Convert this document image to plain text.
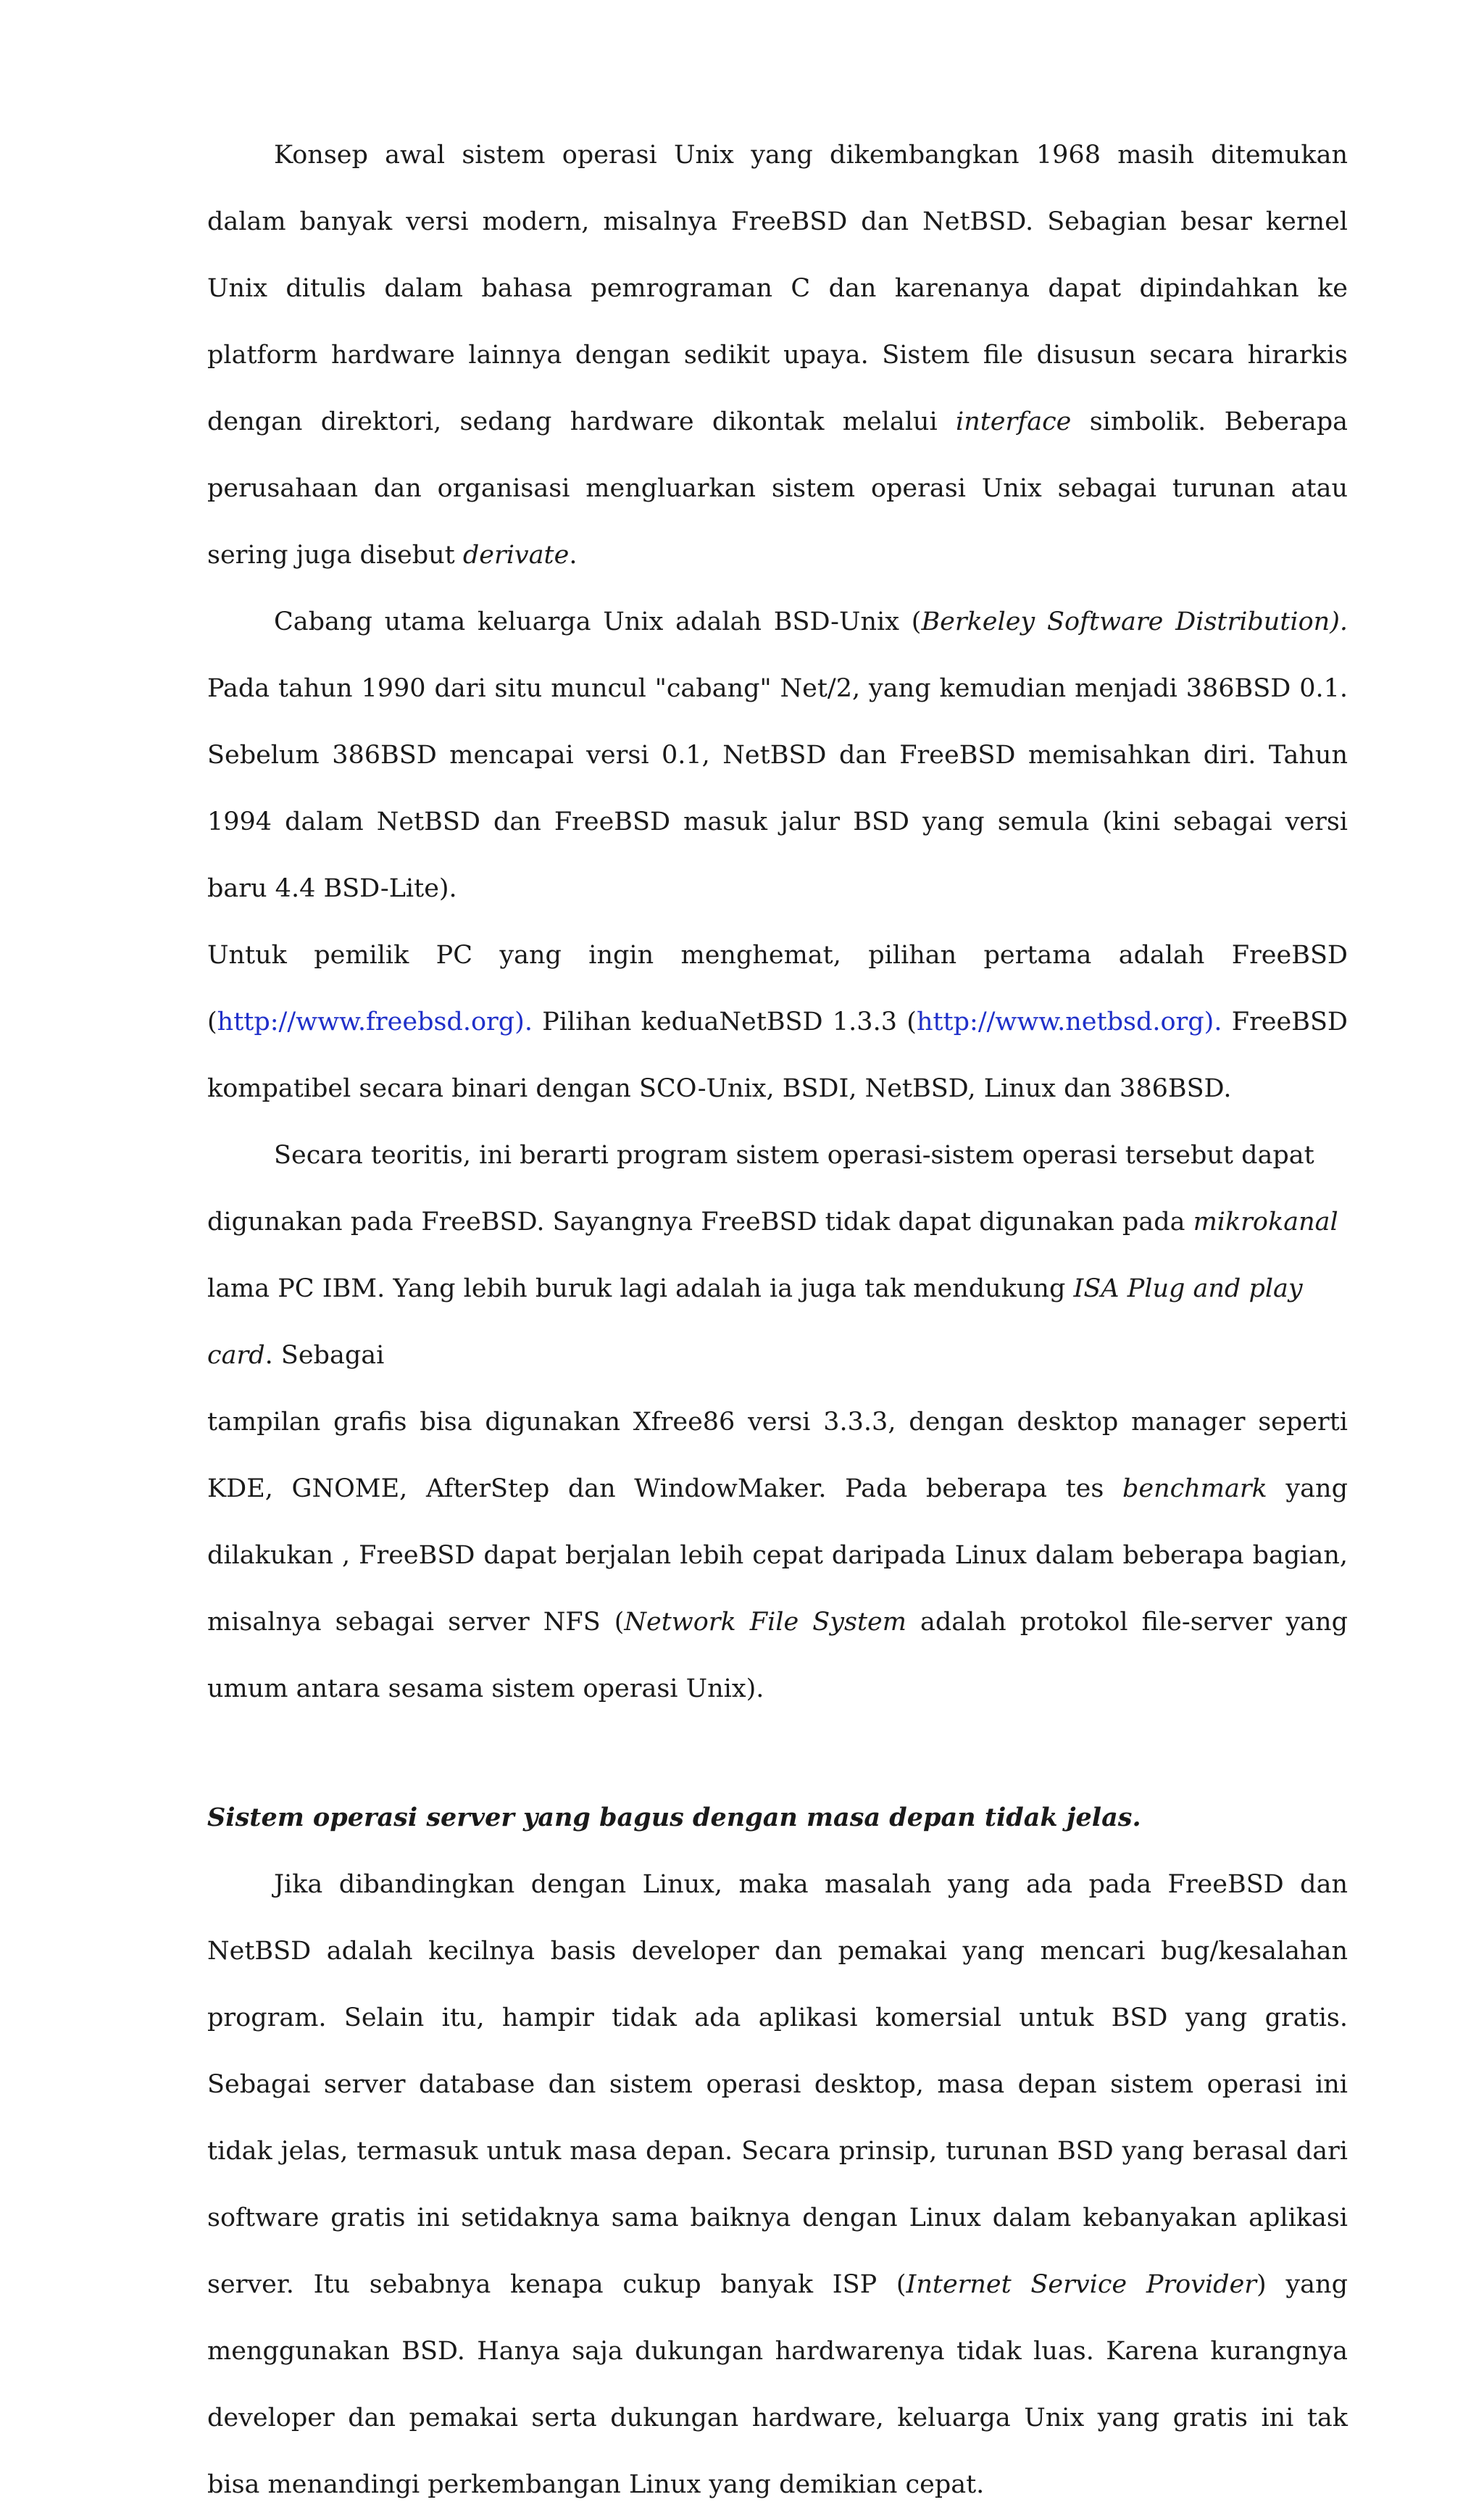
Konsep awal sistem operasi Unix yang dikembangkan 1968 masih ditemukan dalam banyak versi modern, misalnya FreeBSD dan NetBSD. Sebagian besar kernel Unix ditulis dalam bahasa pemrograman C dan karenanya dapat dipindahkan ke platform hardware lainnya dengan sedikit upaya. Sistem file disusun secara hirarkis dengan direktori, sedang hardware dikontak melalui interface simbolik. Beberapa perusahaan dan organisasi mengluarkan sistem operasi Unix sebagai turunan atau sering juga disebut derivate.

Cabang utama keluarga Unix adalah BSD-Unix (Berkeley Software Distribution). Pada tahun 1990 dari situ muncul "cabang" Net/2, yang kemudian menjadi 386BSD 0.1. Sebelum 386BSD mencapai versi 0.1, NetBSD dan FreeBSD memisahkan diri. Tahun 1994 dalam NetBSD dan FreeBSD masuk jalur BSD yang semula (kini sebagai versi baru 4.4 BSD-Lite).

Untuk pemilik PC yang ingin menghemat, pilihan pertama adalah FreeBSD (http://www.freebsd.org). Pilihan keduaNetBSD 1.3.3 (http://www.netbsd.org). FreeBSD kompatibel secara binari dengan SCO-Unix, BSDI, NetBSD, Linux dan 386BSD.

Secara teoritis, ini berarti program sistem operasi-sistem operasi tersebut dapat digunakan pada FreeBSD. Sayangnya FreeBSD tidak dapat digunakan pada mikrokanal lama PC IBM. Yang lebih buruk lagi adalah ia juga tak mendukung ISA Plug and play card. Sebagai

tampilan grafis bisa digunakan Xfree86 versi 3.3.3, dengan desktop manager seperti KDE, GNOME, AfterStep dan WindowMaker. Pada beberapa tes benchmark yang dilakukan , FreeBSD dapat berjalan lebih cepat daripada Linux dalam beberapa bagian, misalnya sebagai server NFS (Network File System adalah protokol file-server yang umum antara sesama sistem operasi Unix).

Sistem operasi server yang bagus dengan masa depan tidak jelas.

Jika dibandingkan dengan Linux, maka masalah yang ada pada FreeBSD dan NetBSD adalah kecilnya basis developer dan pemakai yang mencari bug/kesalahan program. Selain itu, hampir tidak ada aplikasi komersial untuk BSD yang gratis. Sebagai server database dan sistem operasi desktop, masa depan sistem operasi ini tidak jelas, termasuk untuk masa depan. Secara prinsip, turunan BSD yang berasal dari software gratis ini setidaknya sama baiknya dengan Linux dalam kebanyakan aplikasi server. Itu sebabnya kenapa cukup banyak ISP (Internet Service Provider) yang menggunakan BSD. Hanya saja dukungan hardwarenya tidak luas. Karena kurangnya developer dan pemakai serta dukungan hardware, keluarga Unix yang gratis ini tak bisa menandingi perkembangan Linux yang demikian cepat.
